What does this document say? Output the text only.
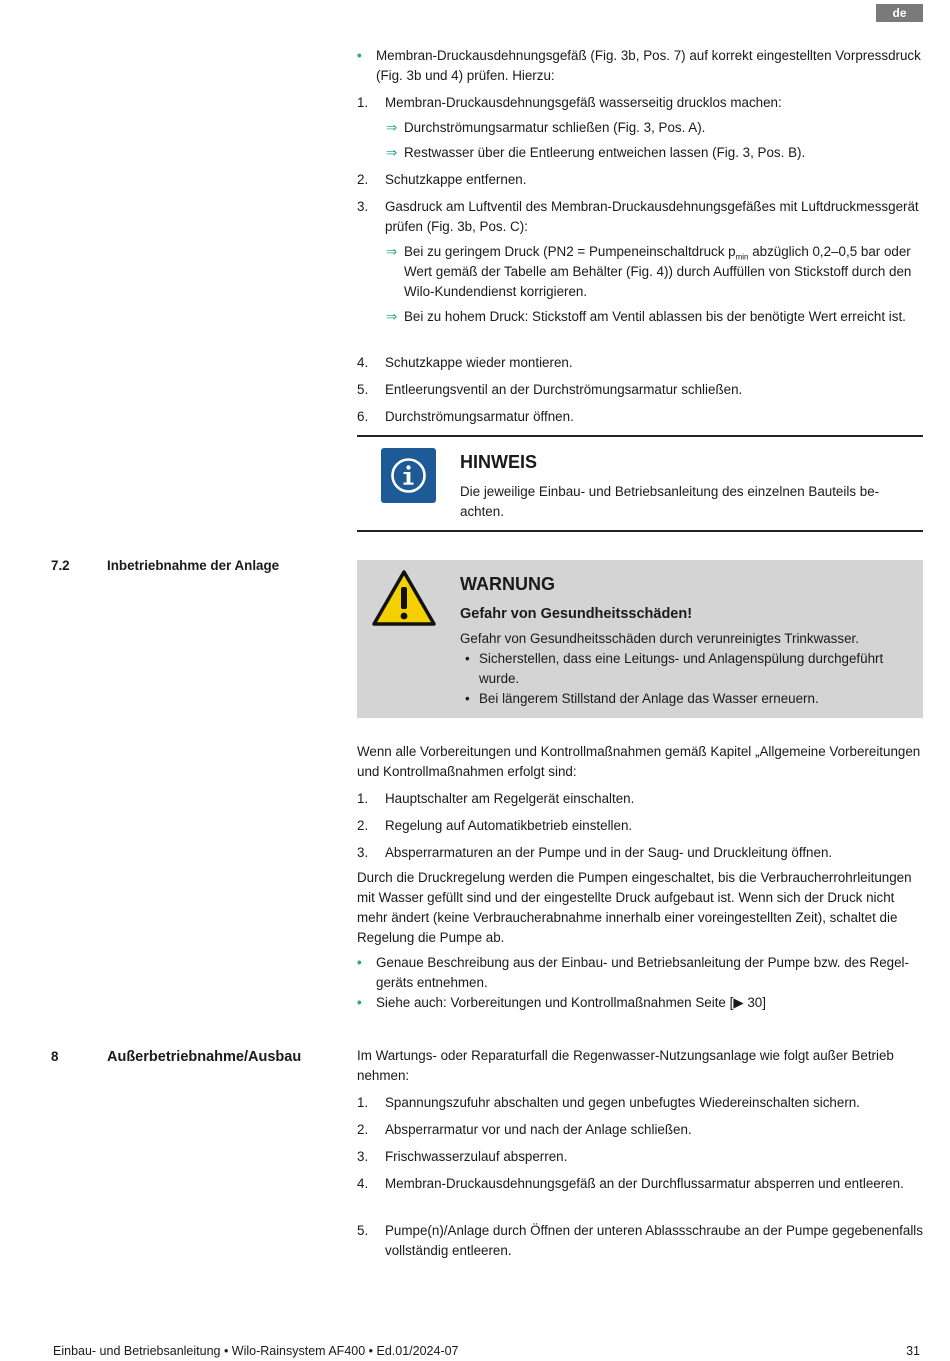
de
• Membran-Druckausdehnungsgefäß (Fig. 3b, Pos. 7) auf korrekt eingestellten Vorpressdruck (Fig. 3b und 4) prüfen. Hierzu:
1. Membran-Druckausdehnungsgefäß wasserseitig drucklos machen:
⇒ Durchströmungsarmatur schließen (Fig. 3, Pos. A).
⇒ Restwasser über die Entleerung entweichen lassen (Fig. 3, Pos. B).
2. Schutzkappe entfernen.
3. Gasdruck am Luftventil des Membran-Druckausdehnungsgefäßes mit Luftdruckmessgerät prüfen (Fig. 3b, Pos. C):
⇒ Bei zu geringem Druck (PN2 = Pumpeneinschaltdruck $p_{min}$ abzüglich 0,2–0,5 bar oder Wert gemäß der Tabelle am Behälter (Fig. 4)) durch Auffüllen von Stickstoff durch den Wilo-Kundendienst korrigieren.
⇒ Bei zu hohem Druck: Stickstoff am Ventil ablassen bis der benötigte Wert erreicht ist.
4. Schutzkappe wieder montieren.
5. Entleerungsventil an der Durchströmungsarmatur schließen.
6. Durchströmungsarmatur öffnen.
HINWEIS
Die jeweilige Einbau- und Betriebsanleitung des einzelnen Bauteils beachten.
7.2	Inbetriebnahme der Anlage
WARNUNG
Gefahr von Gesundheitsschäden!
Gefahr von Gesundheitsschäden durch verunreinigtes Trinkwasser.
• Sicherstellen, dass eine Leitungs- und Anlagenspülung durchgeführt wurde.
• Bei längerem Stillstand der Anlage das Wasser erneuern.
Wenn alle Vorbereitungen und Kontrollmaßnahmen gemäß Kapitel „Allgemeine Vorbereitungen und Kontrollmaßnahmen erfolgt sind:
1. Hauptschalter am Regelgerät einschalten.
2. Regelung auf Automatikbetrieb einstellen.
3. Absperrarmaturen an der Pumpe und in der Saug- und Druckleitung öffnen.
Durch die Druckregelung werden die Pumpen eingeschaltet, bis die Verbraucherrohrleitungen mit Wasser gefüllt sind und der eingestellte Druck aufgebaut ist. Wenn sich der Druck nicht mehr ändert (keine Verbraucherabnahme innerhalb einer voreingestellten Zeit), schaltet die Regelung die Pumpe ab.
• Genaue Beschreibung aus der Einbau- und Betriebsanleitung der Pumpe bzw. des Regelgeräts entnehmen.
• Siehe auch: Vorbereitungen und Kontrollmaßnahmen Seite [▶ 30]
8	Außerbetriebnahme/Ausbau	Im Wartungs- oder Reparaturfall die Regenwasser-Nutzungsanlage wie folgt außer Betrieb nehmen:
1. Spannungszufuhr abschalten und gegen unbefugtes Wiedereinschalten sichern.
2. Absperrarmatur vor und nach der Anlage schließen.
3. Frischwasserzulauf absperren.
4. Membran-Druckausdehnungsgefäß an der Durchflussarmatur absperren und entleeren.
5. Pumpe(n)/Anlage durch Öffnen der unteren Ablassschraube an der Pumpe gegebenenfalls vollständig entleeren.
Einbau- und Betriebsanleitung • Wilo-Rainsystem AF400 • Ed.01/2024-07	31
